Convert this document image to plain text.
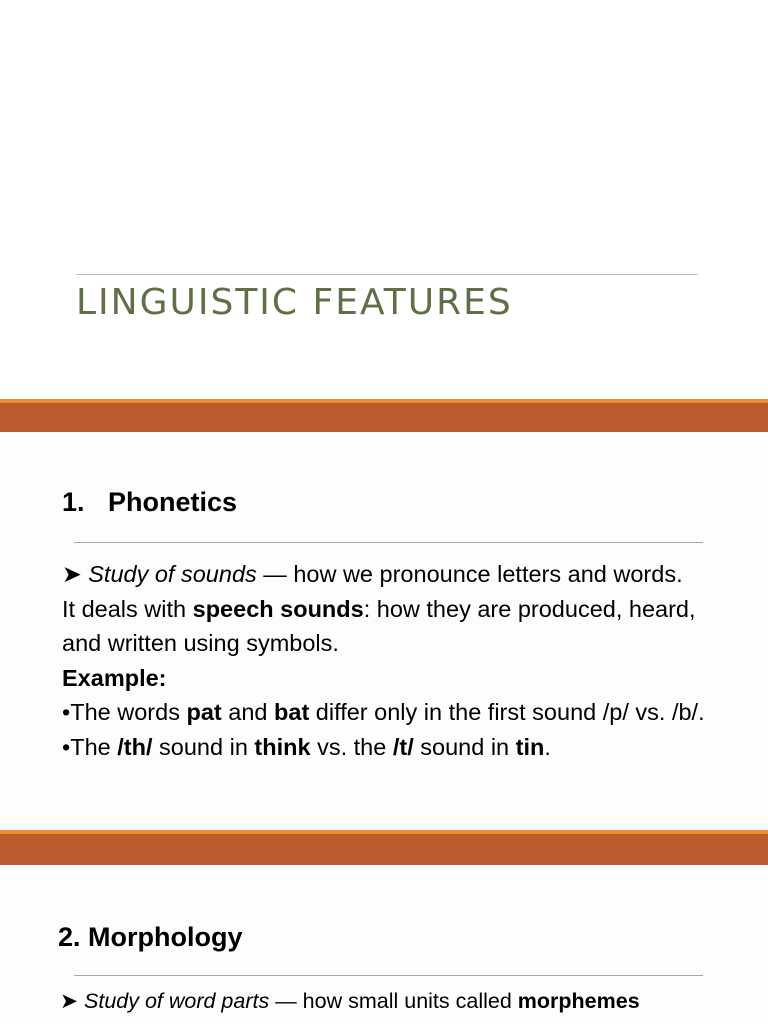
LINGUISTIC FEATURES
1. Phonetics

➤ Study of sounds — how we pronounce letters and words.

It deals with speech sounds: how they are produced, heard, and written using symbols.

Example:

•The words pat and bat differ only in the first sound /p/ vs. /b/.

•The /th/ sound in think vs. the /t/ sound in tin.

2. Morphology

➤ Study of word parts — how small units called morphemes
